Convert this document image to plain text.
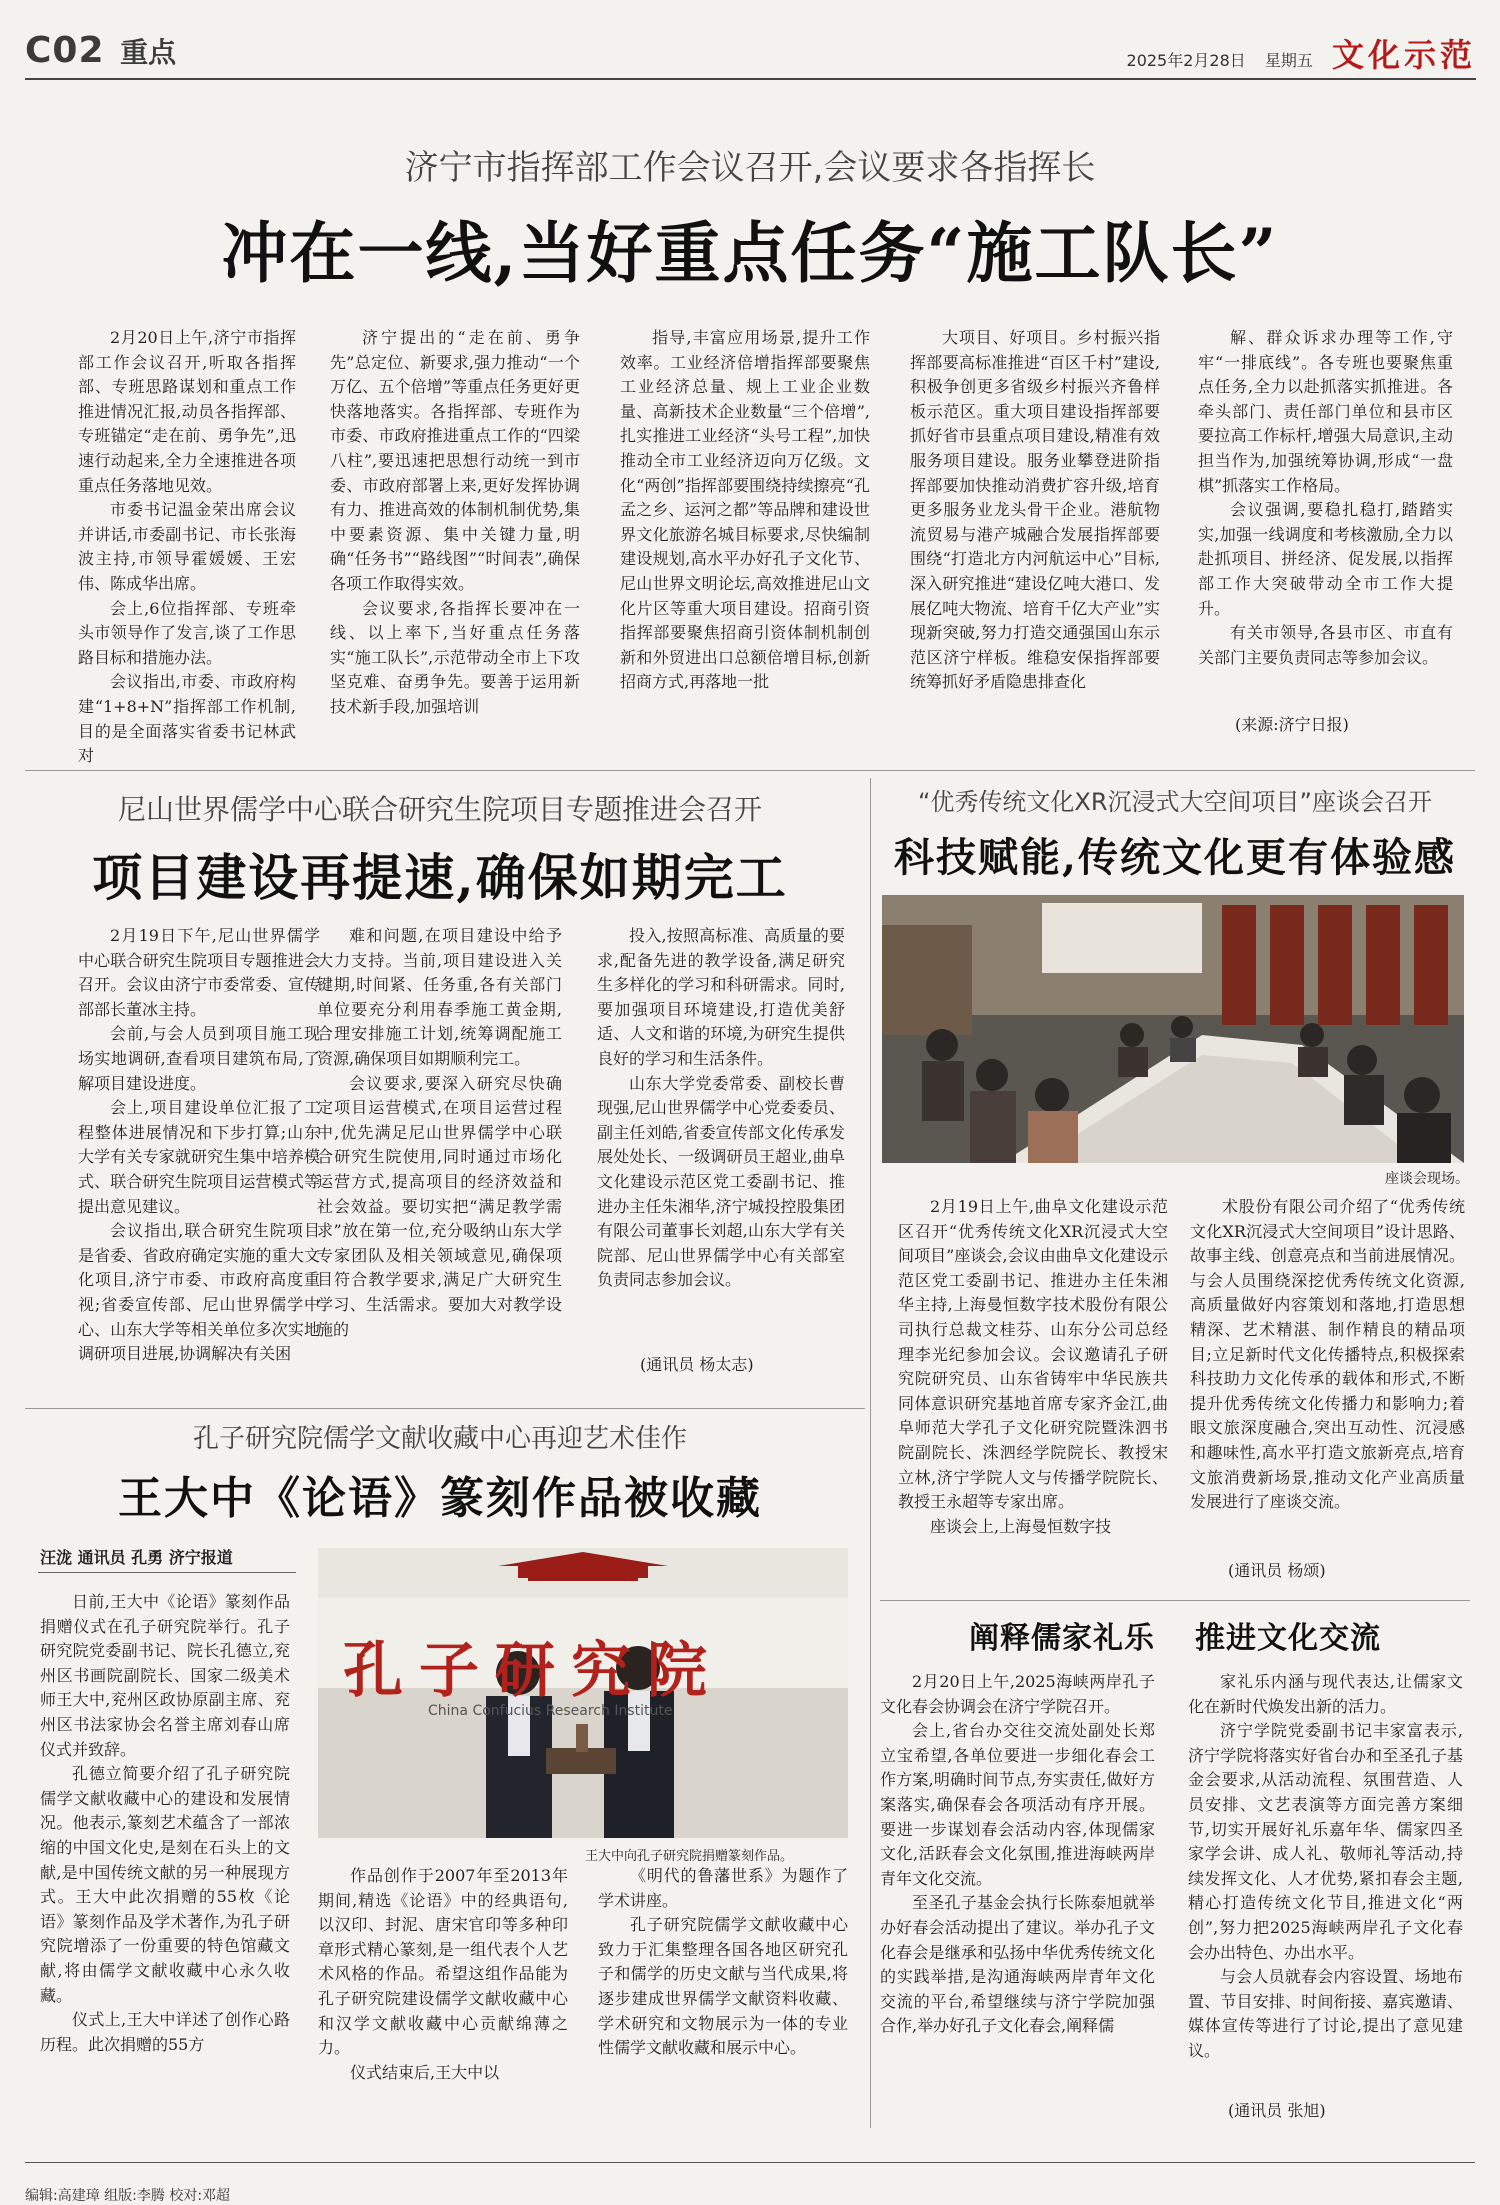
C02 重点	2025年2月28日 星期五 文化示范
济宁市指挥部工作会议召开,会议要求各指挥长
冲在一线,当好重点任务“施工队长”

2月20日上午,济宁市指挥部工作会议召开,听取各指挥部、专班思路谋划和重点工作推进情况汇报,动员各指挥部、专班锚定“走在前、勇争先”,迅速行动起来,全力全速推进各项重点任务落地见效。

市委书记温金荣出席会议并讲话,市委副书记、市长张海波主持,市领导霍媛媛、王宏伟、陈成华出席。

会上,6位指挥部、专班牵头市领导作了发言,谈了工作思路目标和措施办法。

会议指出,市委、市政府构建“1+8+N”指挥部工作机制,目的是全面落实省委书记林武对

济宁提出的“走在前、勇争先”总定位、新要求,强力推动“一个万亿、五个倍增”等重点任务更好更快落地落实。各指挥部、专班作为市委、市政府推进重点工作的“四梁八柱”,要迅速把思想行动统一到市委、市政府部署上来,更好发挥协调有力、推进高效的体制机制优势,集中要素资源、集中关键力量,明确“任务书”“路线图”“时间表”,确保各项工作取得实效。

会议要求,各指挥长要冲在一线、以上率下,当好重点任务落实“施工队长”,示范带动全市上下攻坚克难、奋勇争先。要善于运用新技术新手段,加强培训

指导,丰富应用场景,提升工作效率。工业经济倍增指挥部要聚焦工业经济总量、规上工业企业数量、高新技术企业数量“三个倍增”,扎实推进工业经济“头号工程”,加快推动全市工业经济迈向万亿级。文化“两创”指挥部要围绕持续擦亮“孔孟之乡、运河之都”等品牌和建设世界文化旅游名城目标要求,尽快编制建设规划,高水平办好孔子文化节、尼山世界文明论坛,高效推进尼山文化片区等重大项目建设。招商引资指挥部要聚焦招商引资体制机制创新和外贸进出口总额倍增目标,创新招商方式,再落地一批

大项目、好项目。乡村振兴指挥部要高标准推进“百区千村”建设,积极争创更多省级乡村振兴齐鲁样板示范区。重大项目建设指挥部要抓好省市县重点项目建设,精准有效服务项目建设。服务业攀登进阶指挥部要加快推动消费扩容升级,培育更多服务业龙头骨干企业。港航物流贸易与港产城融合发展指挥部要围绕“打造北方内河航运中心”目标,深入研究推进“建设亿吨大港口、发展亿吨大物流、培育千亿大产业”实现新突破,努力打造交通强国山东示范区济宁样板。维稳安保指挥部要统筹抓好矛盾隐患排查化

解、群众诉求办理等工作,守牢“一排底线”。各专班也要聚焦重点任务,全力以赴抓落实抓推进。各牵头部门、责任部门单位和县市区要拉高工作标杆,增强大局意识,主动担当作为,加强统筹协调,形成“一盘棋”抓落实工作格局。

会议强调,要稳扎稳打,踏踏实实,加强一线调度和考核激励,全力以赴抓项目、拼经济、促发展,以指挥部工作大突破带动全市工作大提升。

有关市领导,各县市区、市直有关部门主要负责同志等参加会议。

(来源:济宁日报)
尼山世界儒学中心联合研究生院项目专题推进会召开
项目建设再提速,确保如期完工

2月19日下午,尼山世界儒学中心联合研究生院项目专题推进会召开。会议由济宁市委常委、宣传部部长董冰主持。

会前,与会人员到项目施工现场实地调研,查看项目建筑布局,了解项目建设进度。

会上,项目建设单位汇报了工程整体进展情况和下步打算;山东大学有关专家就研究生集中培养模式、联合研究生院项目运营模式等提出意见建议。

会议指出,联合研究生院项目是省委、省政府确定实施的重大文化项目,济宁市委、市政府高度重视;省委宣传部、尼山世界儒学中心、山东大学等相关单位多次实地调研项目进展,协调解决有关困

难和问题,在项目建设中给予大力支持。当前,项目建设进入关键期,时间紧、任务重,各有关部门单位要充分利用春季施工黄金期,合理安排施工计划,统筹调配施工资源,确保项目如期顺利完工。

会议要求,要深入研究尽快确定项目运营模式,在项目运营过程中,优先满足尼山世界儒学中心联合研究生院使用,同时通过市场化运营方式,提高项目的经济效益和社会效益。要切实把“满足教学需求”放在第一位,充分吸纳山东大学专家团队及相关领域意见,确保项目符合教学要求,满足广大研究生学习、生活需求。要加大对教学设施的

投入,按照高标准、高质量的要求,配备先进的教学设备,满足研究生多样化的学习和科研需求。同时,要加强项目环境建设,打造优美舒适、人文和谐的环境,为研究生提供良好的学习和生活条件。

山东大学党委常委、副校长曹现强,尼山世界儒学中心党委委员、副主任刘皓,省委宣传部文化传承发展处处长、一级调研员王超业,曲阜文化建设示范区党工委副书记、推进办主任朱湘华,济宁城投控股集团有限公司董事长刘超,山东大学有关院部、尼山世界儒学中心有关部室负责同志参加会议。

(通讯员 杨太志)
“优秀传统文化XR沉浸式大空间项目”座谈会召开
科技赋能,传统文化更有体验感
座谈会现场。

2月19日上午,曲阜文化建设示范区召开“优秀传统文化XR沉浸式大空间项目”座谈会,会议由曲阜文化建设示范区党工委副书记、推进办主任朱湘华主持,上海曼恒数字技术股份有限公司执行总裁文桂芬、山东分公司总经理李光纪参加会议。会议邀请孔子研究院研究员、山东省铸牢中华民族共同体意识研究基地首席专家齐金江,曲阜师范大学孔子文化研究院暨洙泗书院副院长、洙泗经学院院长、教授宋立林,济宁学院人文与传播学院院长、教授王永超等专家出席。

座谈会上,上海曼恒数字技

术股份有限公司介绍了“优秀传统文化XR沉浸式大空间项目”设计思路、故事主线、创意亮点和当前进展情况。与会人员围绕深挖优秀传统文化资源,高质量做好内容策划和落地,打造思想精深、艺术精湛、制作精良的精品项目;立足新时代文化传播特点,积极探索科技助力文化传承的载体和形式,不断提升优秀传统文化传播力和影响力;着眼文旅深度融合,突出互动性、沉浸感和趣味性,高水平打造文旅新亮点,培育文旅消费新场景,推动文化产业高质量发展进行了座谈交流。

(通讯员 杨颂)
孔子研究院儒学文献收藏中心再迎艺术佳作
王大中《论语》篆刻作品被收藏
汪泷 通讯员 孔勇 济宁报道

日前,王大中《论语》篆刻作品捐赠仪式在孔子研究院举行。孔子研究院党委副书记、院长孔德立,兖州区书画院副院长、国家二级美术师王大中,兖州区政协原副主席、兖州区书法家协会名誉主席刘春山席仪式并致辞。

孔德立简要介绍了孔子研究院儒学文献收藏中心的建设和发展情况。他表示,篆刻艺术蕴含了一部浓缩的中国文化史,是刻在石头上的文献,是中国传统文献的另一种展现方式。王大中此次捐赠的55枚《论语》篆刻作品及学术著作,为孔子研究院增添了一份重要的特色馆藏文献,将由儒学文献收藏中心永久收藏。

仪式上,王大中详述了创作心路历程。此次捐赠的55方

孔子研究院
China Confucius Research Institute
王大中向孔子研究院捐赠篆刻作品。

作品创作于2007年至2013年期间,精选《论语》中的经典语句,以汉印、封泥、唐宋官印等多种印章形式精心篆刻,是一组代表个人艺术风格的作品。希望这组作品能为孔子研究院建设儒学文献收藏中心和汉学文献收藏中心贡献绵薄之力。

仪式结束后,王大中以

《明代的鲁藩世系》为题作了学术讲座。

孔子研究院儒学文献收藏中心致力于汇集整理各国各地区研究孔子和儒学的历史文献与当代成果,将逐步建成世界儒学文献资料收藏、学术研究和文物展示为一体的专业性儒学文献收藏和展示中心。

阐释儒家礼乐 推进文化交流

2月20日上午,2025海峡两岸孔子文化春会协调会在济宁学院召开。

会上,省台办交往交流处副处长郑立宝希望,各单位要进一步细化春会工作方案,明确时间节点,夯实责任,做好方案落实,确保春会各项活动有序开展。要进一步谋划春会活动内容,体现儒家文化,活跃春会文化氛围,推进海峡两岸青年文化交流。

至圣孔子基金会执行长陈泰旭就举办好春会活动提出了建议。举办孔子文化春会是继承和弘扬中华优秀传统文化的实践举措,是沟通海峡两岸青年文化交流的平台,希望继续与济宁学院加强合作,举办好孔子文化春会,阐释儒

家礼乐内涵与现代表达,让儒家文化在新时代焕发出新的活力。

济宁学院党委副书记丰家富表示,济宁学院将落实好省台办和至圣孔子基金会要求,从活动流程、氛围营造、人员安排、文艺表演等方面完善方案细节,切实开展好礼乐嘉年华、儒家四圣家学会讲、成人礼、敬师礼等活动,持续发挥文化、人才优势,紧扣春会主题,精心打造传统文化节目,推进文化“两创”,努力把2025海峡两岸孔子文化春会办出特色、办出水平。

与会人员就春会内容设置、场地布置、节目安排、时间衔接、嘉宾邀请、媒体宣传等进行了讨论,提出了意见建议。

(通讯员 张旭)
编辑:高建璋 组版:李腾 校对:邓超
